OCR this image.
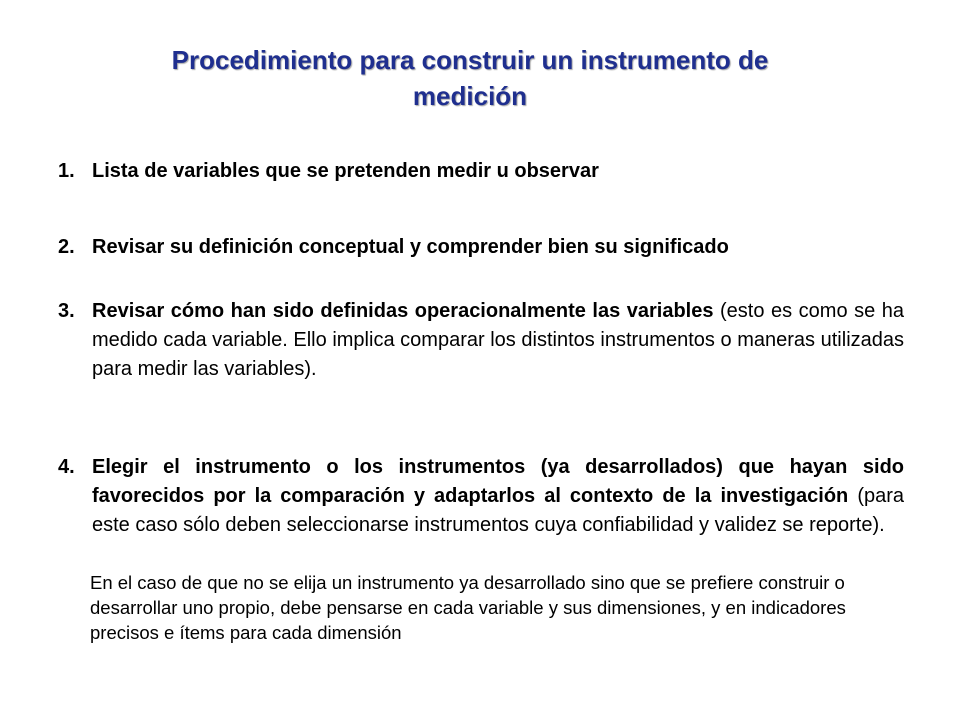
Procedimiento para construir un instrumento de medición
1. Lista de variables que se pretenden medir u observar
2. Revisar su definición conceptual y comprender bien su significado
3. Revisar cómo han sido definidas operacionalmente las variables (esto es como se ha medido cada variable. Ello implica comparar los distintos instrumentos o maneras utilizadas para medir las variables).
4. Elegir el instrumento o los instrumentos (ya desarrollados) que hayan sido favorecidos por la comparación y adaptarlos al contexto de la investigación (para este caso sólo deben seleccionarse instrumentos cuya confiabilidad y validez se reporte).

En el caso de que no se elija un instrumento ya desarrollado sino que se prefiere construir o desarrollar uno propio, debe pensarse en cada variable y sus dimensiones, y en indicadores precisos e ítems para cada dimensión
